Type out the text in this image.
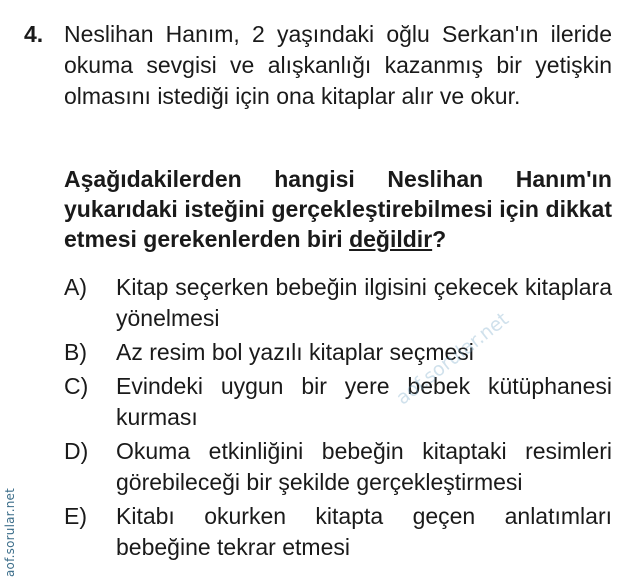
4. Neslihan Hanım, 2 yaşındaki oğlu Serkan'ın ileride okuma sevgisi ve alışkanlığı kazanmış bir yetişkin olmasını istediği için ona kitaplar alır ve okur.
Aşağıdakilerden hangisi Neslihan Hanım'ın yukarıdaki isteğini gerçekleştirebilmesi için dikkat etmesi gerekenlerden biri değildir?
A)	Kitap seçerken bebeğin ilgisini çekecek kitaplara yönelmesi
B)	Az resim bol yazılı kitaplar seçmesi
C)	Evindeki uygun bir yere bebek kütüphanesi kurması
D)	Okuma etkinliğini bebeğin kitaptaki resimleri görebileceği bir şekilde gerçekleştirmesi
E)	Kitabı okurken kitapta geçen anlatımları bebeğine tekrar etmesi
aof.sorular.net
aof.sorular.net
